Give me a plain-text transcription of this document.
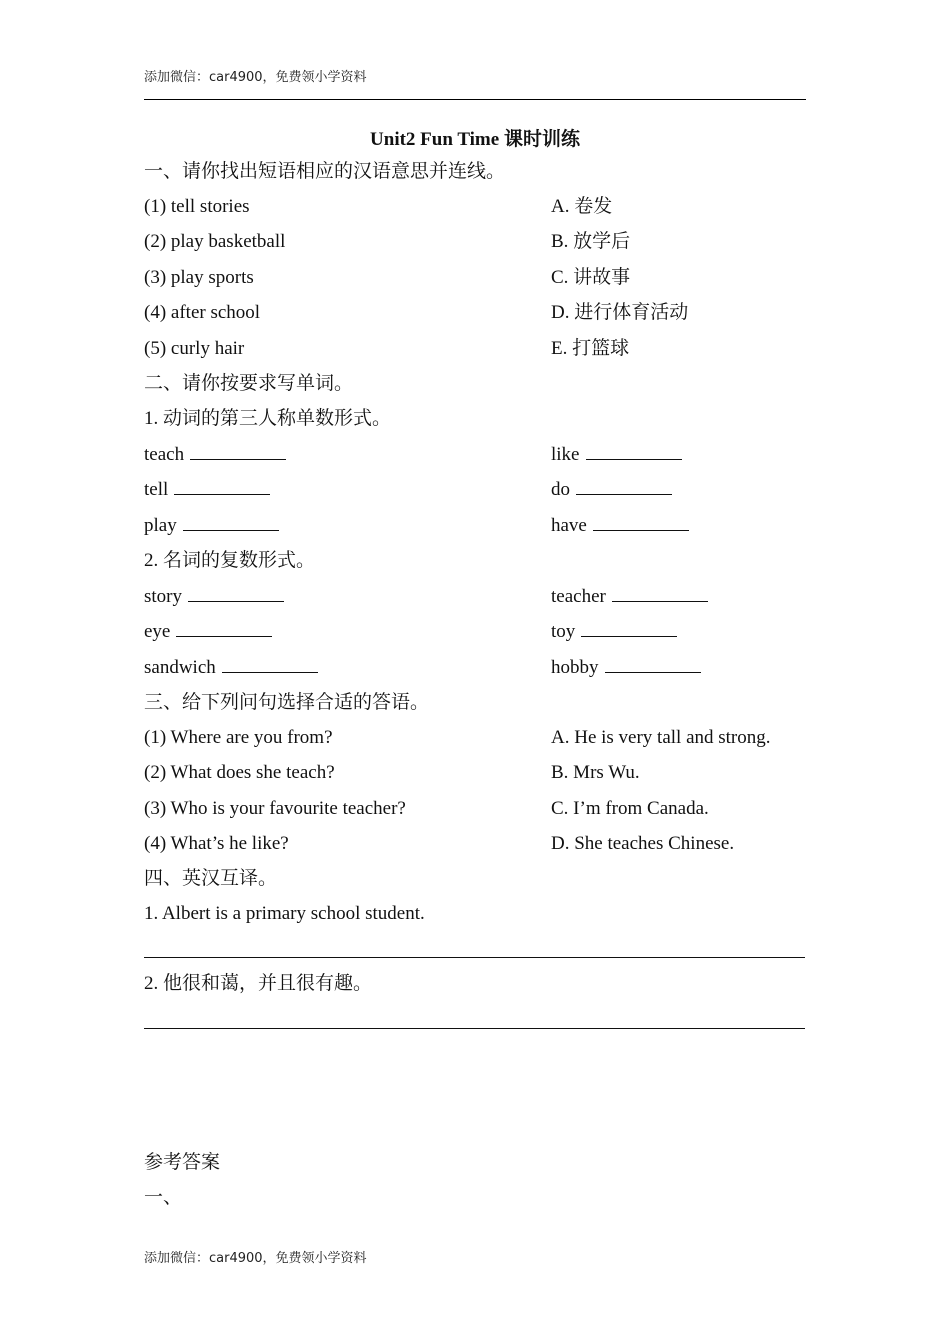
添加微信：car4900，免费领小学资料
Unit2 Fun Time 课时训练
一、请你找出短语相应的汉语意思并连线。
(1) tell stories	A. 卷发
(2) play basketball	B. 放学后
(3) play sports	C. 讲故事
(4) after school	D. 进行体育活动
(5) curly hair	E. 打篮球
二、请你按要求写单词。
1. 动词的第三人称单数形式。
teach	like
tell	do
play	have
2. 名词的复数形式。
story	teacher
eye	toy
sandwich	hobby
三、给下列问句选择合适的答语。
(1) Where are you from?	A. He is very tall and strong.
(2) What does she teach?	B. Mrs Wu.
(3) Who is your favourite teacher?	C. I’m from Canada.
(4) What’s he like?	D. She teaches Chinese.
四、英汉互译。
1. Albert is a primary school student.
2. 他很和蔼，并且很有趣。
参考答案
一、
添加微信：car4900，免费领小学资料
